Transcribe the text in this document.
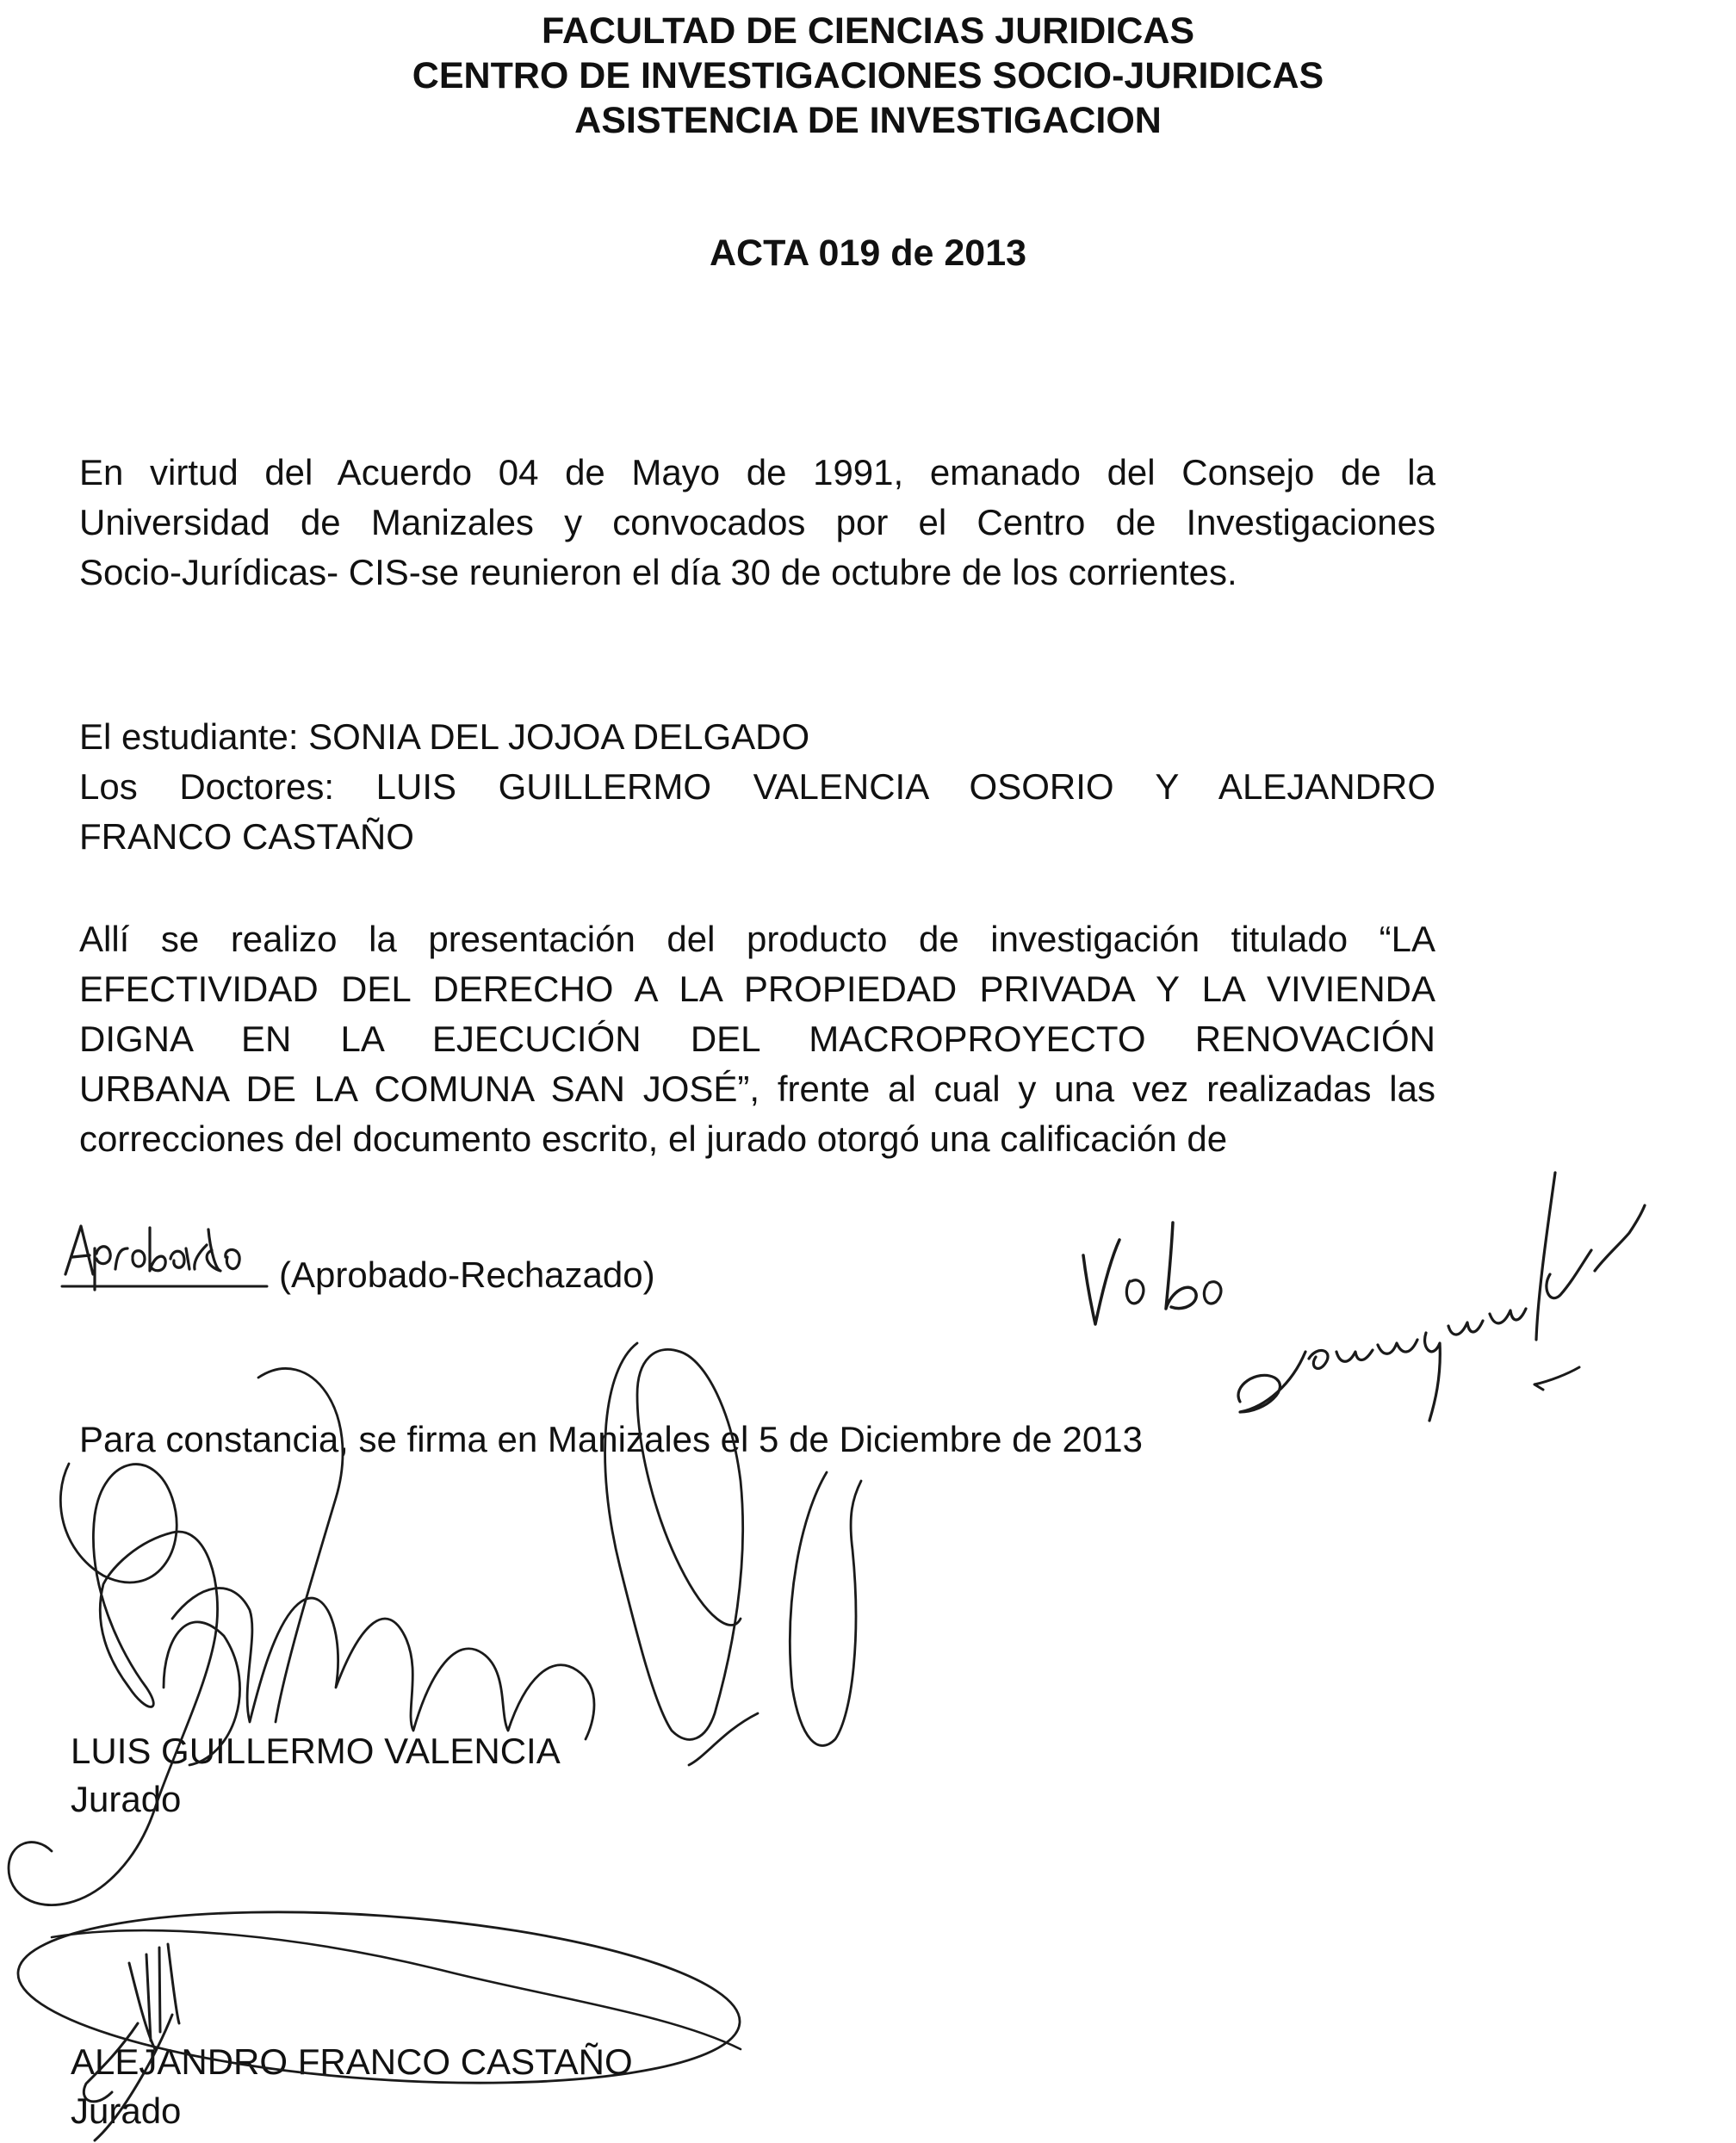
FACULTAD DE CIENCIAS JURIDICAS
CENTRO DE INVESTIGACIONES SOCIO-JURIDICAS
ASISTENCIA DE INVESTIGACION
ACTA 019 de 2013
En virtud del Acuerdo 04 de Mayo de 1991, emanado del Consejo de la
Universidad de Manizales y convocados por el Centro de Investigaciones
Socio-Jurídicas- CIS-se reunieron el día 30 de octubre de los corrientes.
El estudiante: SONIA DEL JOJOA DELGADO
Los Doctores: LUIS GUILLERMO VALENCIA OSORIO Y ALEJANDRO
FRANCO CASTAÑO
Allí se realizo la presentación del producto de investigación titulado “LA
EFECTIVIDAD DEL DERECHO A LA PROPIEDAD PRIVADA Y LA VIVIENDA
DIGNA EN LA EJECUCIÓN DEL MACROPROYECTO RENOVACIÓN
URBANA DE LA COMUNA SAN JOSÉ”, frente al cual y una vez realizadas las
correcciones del documento escrito, el jurado otorgó una calificación de
(Aprobado-Rechazado)
Para constancia, se firma en Manizales el 5 de Diciembre de 2013
LUIS GUILLERMO VALENCIA
Jurado
ALEJANDRO FRANCO CASTAÑO
Jurado
